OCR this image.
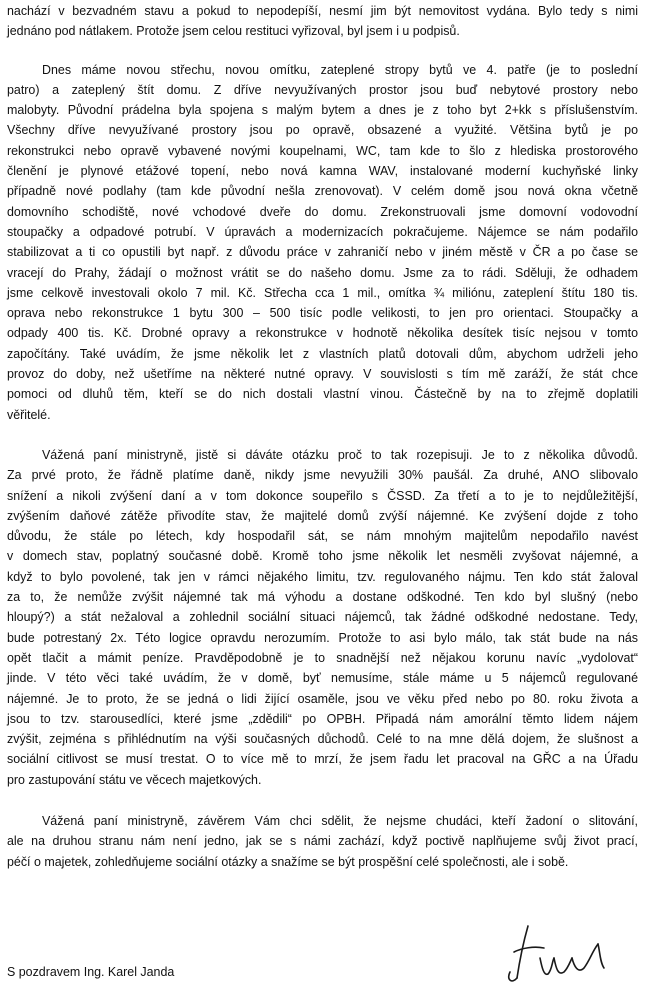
nachází v bezvadném stavu a pokud to nepodepíší, nesmí jim být nemovitost vydána. Bylo tedy s nimi
jednáno pod nátlakem. Protože jsem celou restituci vyřizoval, byl jsem i u podpisů.
Dnes máme novou střechu, novou omítku, zateplené stropy bytů ve 4. patře (je to poslední
patro) a zateplený štít domu. Z dříve nevyužívaných prostor jsou buď nebytové prostory nebo
malobyty. Původní prádelna byla spojena s malým bytem a dnes je z toho byt 2+kk s příslušenstvím.
Všechny dříve nevyužívané prostory jsou po opravě, obsazené a využité. Většina bytů je po
rekonstrukci nebo opravě vybavené novými koupelnami, WC, tam kde to šlo z hlediska prostorového
členění je plynové etážové topení, nebo nová kamna WAV, instalované moderní kuchyňské linky
případně nové podlahy (tam kde původní nešla zrenovovat). V celém domě jsou nová okna včetně
domovního schodiště, nové vchodové dveře do domu. Zrekonstruovali jsme domovní vodovodní
stoupačky a odpadové potrubí. V úpravách a modernizacích pokračujeme. Nájemce se nám podařilo
stabilizovat a ti co opustili byt např. z důvodu práce v zahraničí nebo v jiném městě v ČR a po čase se
vracejí do Prahy, žádají o možnost vrátit se do našeho domu. Jsme za to rádi. Sděluji, že odhadem
jsme celkově investovali okolo 7 mil. Kč. Střecha cca 1 mil., omítka ¾ miliónu, zateplení štítu 180 tis.
oprava nebo rekonstrukce 1 bytu 300 – 500 tisíc podle velikosti, to jen pro orientaci. Stoupačky a
odpady 400 tis. Kč. Drobné opravy a rekonstrukce v hodnotě několika desítek tisíc nejsou v tomto
započítány. Také uvádím, že jsme několik let z vlastních platů dotovali dům, abychom udrželi jeho
provoz do doby, než ušetříme na některé nutné opravy. V souvislosti s tím mě zaráží, že stát chce
pomoci od dluhů těm, kteří se do nich dostali vlastní vinou. Částečně by na to zřejmě doplatili
věřitelé.
Vážená paní ministryně, jistě si dáváte otázku proč to tak rozepisuji. Je to z několika důvodů.
Za prvé proto, že řádně platíme daně, nikdy jsme nevyužili 30% paušál. Za druhé, ANO slibovalo
snížení a nikoli zvýšení daní a v tom dokonce soupeřilo s ČSSD. Za třetí a to je to nejdůležitější,
zvýšením daňové zátěže přivodíte stav, že majitelé domů zvýší nájemné. Ke zvýšení dojde z toho
důvodu, že stále po létech, kdy hospodařil sát, se nám mnohým majitelům nepodařilo navést
v domech stav, poplatný současné době. Kromě toho jsme několik let nesměli zvyšovat nájemné, a
když to bylo povolené, tak jen v rámci nějakého limitu, tzv. regulovaného nájmu. Ten kdo stát žaloval
za to, že nemůže zvýšit nájemné tak má výhodu a dostane odškodné. Ten kdo byl slušný (nebo
hloupý?) a stát nežaloval a zohlednil sociální situaci nájemců, tak žádné odškodné nedostane. Tedy,
bude potrestaný 2x. Této logice opravdu nerozumím. Protože to asi bylo málo, tak stát bude na nás
opět tlačit a mámit peníze. Pravděpodobně je to snadnější než nějakou korunu navíc „vydolovat“
jinde. V této věci také uvádím, že v domě, byť nemusíme, stále máme u 5 nájemců regulované
nájemné. Je to proto, že se jedná o lidi žijící osaměle, jsou ve věku před nebo po 80. roku života a
jsou to tzv. starousedlíci, které jsme „zdědili“ po OPBH. Připadá nám amorální těmto lidem nájem
zvýšit, zejména s přihlédnutím na výši současných důchodů. Celé to na mne dělá dojem, že slušnost a
sociální citlivost se musí trestat. O to více mě to mrzí, že jsem řadu let pracoval na GŘC a na Úřadu
pro zastupování státu ve věcech majetkových.
Vážená paní ministryně, závěrem Vám chci sdělit, že nejsme chudáci, kteří žadoní o slitování,
ale na druhou stranu nám není jedno, jak se s námi zachází, když poctivě naplňujeme svůj život prací,
péčí o majetek, zohledňujeme sociální otázky a snažíme se být prospěšní celé společnosti, ale i sobě.
S pozdravem Ing. Karel Janda
